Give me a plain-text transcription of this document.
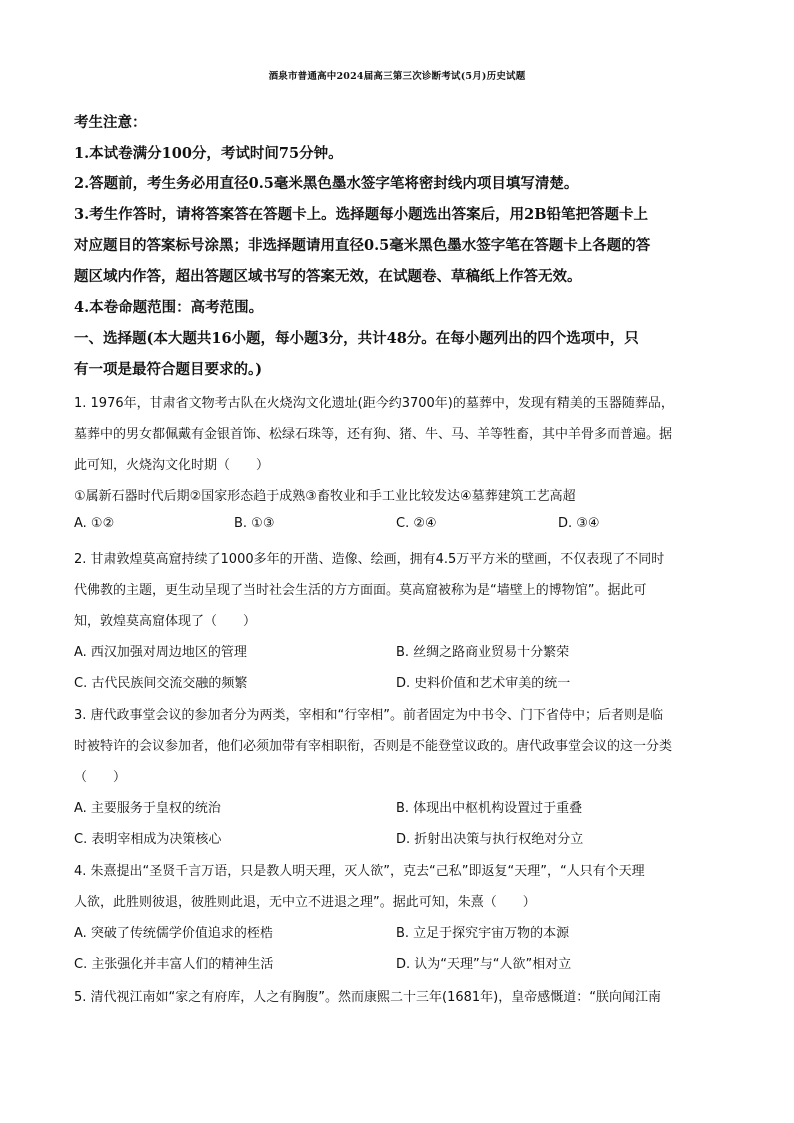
酒泉市普通高中2024届高三第三次诊断考试(5月)历史试题
考生注意：
1.本试卷满分100分，考试时间75分钟。
2.答题前，考生务必用直径0.5毫米黑色墨水签字笔将密封线内项目填写清楚。
3.考生作答时，请将答案答在答题卡上。选择题每小题选出答案后，用2B铅笔把答题卡上
对应题目的答案标号涂黑；非选择题请用直径0.5毫米黑色墨水签字笔在答题卡上各题的答
题区域内作答，超出答题区域书写的答案无效，在试题卷、草稿纸上作答无效。
4.本卷命题范围：高考范围。
一、选择题(本大题共16小题，每小题3分，共计48分。在每小题列出的四个选项中，只
有一项是最符合题目要求的。)
1. 1976年，甘肃省文物考古队在火烧沟文化遗址(距今约3700年)的墓葬中，发现有精美的玉器随葬品，
墓葬中的男女都佩戴有金银首饰、松绿石珠等，还有狗、猪、牛、马、羊等牲畜，其中羊骨多而普遍。据
此可知，火烧沟文化时期（　　）
①属新石器时代后期②国家形态趋于成熟③畜牧业和手工业比较发达④墓葬建筑工艺高超
A. ①②	B. ①③	C. ②④	D. ③④
2. 甘肃敦煌莫高窟持续了1000多年的开凿、造像、绘画，拥有4.5万平方米的壁画，不仅表现了不同时
代佛教的主题，更生动呈现了当时社会生活的方方面面。莫高窟被称为是“墙壁上的博物馆”。据此可
知，敦煌莫高窟体现了（　　）
A. 西汉加强对周边地区的管理	B. 丝绸之路商业贸易十分繁荣
C. 古代民族间交流交融的频繁	D. 史料价值和艺术审美的统一
3. 唐代政事堂会议的参加者分为两类，宰相和“行宰相”。前者固定为中书令、门下省侍中；后者则是临
时被特许的会议参加者，他们必须加带有宰相职衔，否则是不能登堂议政的。唐代政事堂会议的这一分类
（　　）
A. 主要服务于皇权的统治	B. 体现出中枢机构设置过于重叠
C. 表明宰相成为决策核心	D. 折射出决策与执行权绝对分立
4. 朱熹提出“圣贤千言万语，只是教人明天理，灭人欲”，克去“己私”即返复“天理”，“人只有个天理
人欲，此胜则彼退，彼胜则此退，无中立不进退之理”。据此可知，朱熹（　　）
A. 突破了传统儒学价值追求的桎梏	B. 立足于探究宇宙万物的本源
C. 主张强化并丰富人们的精神生活	D. 认为“天理”与“人欲”相对立
5. 清代视江南如“家之有府库，人之有胸腹”。然而康熙二十三年(1681年)，皇帝感慨道：“朕向闻江南
